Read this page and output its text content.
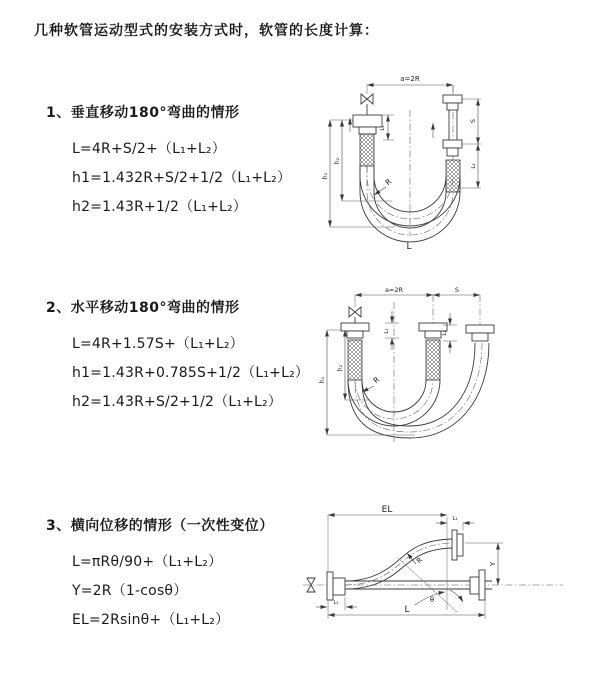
几种软管运动型式的安装方式时，软管的长度计算：
1、垂直移动180°弯曲的情形
L=4R+S/2+（L₁+L₂）
h1=1.432R+S/2+1/2（L₁+L₂）
h2=1.43R+1/2（L₁+L₂）
2、水平移动180°弯曲的情形
L=4R+1.57S+（L₁+L₂）
h1=1.43R+0.785S+1/2（L₁+L₂）
h2=1.43R+S/2+1/2（L₁+L₂）
3、横向位移的情形（一次性变位）
L=πRθ/90+（L₁+L₂）
Y=2R（1-cosθ）
EL=2Rsinθ+（L₁+L₂）
a=2R
L₁
S
L₂
h₁
h₂
R
L
a=2R	S
h₁
h₂
L₁	L₂
R
θ
R
EL
L₁
Y
L
L₁
